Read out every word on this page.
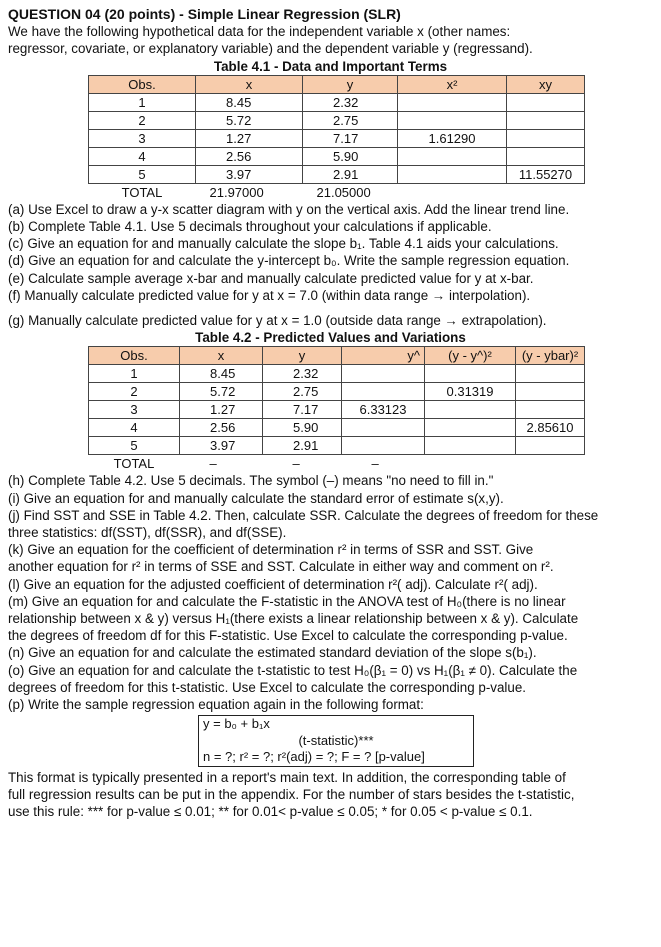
QUESTION 04 (20 points) - Simple Linear Regression (SLR)

We have the following hypothetical data for the independent variable x (other names:

regressor, covariate, or explanatory variable) and the dependent variable y (regressand).

Table 4.1 - Data and Important Terms
Obs.	x	y	x²	xy
1	8.45	2.32		
2	5.72	2.75		
3	1.27	7.17	1.61290	
4	2.56	5.90		
5	3.97	2.91		11.55270
TOTAL	21.97000	21.05000		

(a) Use Excel to draw a y-x scatter diagram with y on the vertical axis. Add the linear trend line.

(b) Complete Table 4.1. Use 5 decimals throughout your calculations if applicable.

(c) Give an equation for and manually calculate the slope b₁. Table 4.1 aids your calculations.

(d) Give an equation for and calculate the y-intercept b₀. Write the sample regression equation.

(e) Calculate sample average x-bar and manually calculate predicted value for y at x-bar.

(f) Manually calculate predicted value for y at x = 7.0 (within data range → interpolation).

(g) Manually calculate predicted value for y at x = 1.0 (outside data range → extrapolation).

Table 4.2 - Predicted Values and Variations
Obs.	x	y	y^	(y - y^)²	(y - ybar)²
1	8.45	2.32			
2	5.72	2.75		0.31319	
3	1.27	7.17	6.33123		
4	2.56	5.90			2.85610
5	3.97	2.91			
TOTAL	–	–	–		

(h) Complete Table 4.2. Use 5 decimals. The symbol (–) means "no need to fill in."

(i) Give an equation for and manually calculate the standard error of estimate s(x,y).

(j) Find SST and SSE in Table 4.2. Then, calculate SSR. Calculate the degrees of freedom for these

three statistics: df(SST), df(SSR), and df(SSE).

(k) Give an equation for the coefficient of determination r² in terms of SSR and SST. Give

another equation for r² in terms of SSE and SST. Calculate in either way and comment on r².

(l) Give an equation for the adjusted coefficient of determination r²( adj). Calculate r²( adj).

(m) Give an equation for and calculate the F-statistic in the ANOVA test of H₀(there is no linear

relationship between x & y) versus H₁(there exists a linear relationship between x & y). Calculate

the degrees of freedom df for this F-statistic. Use Excel to calculate the corresponding p-value.

(n) Give an equation for and calculate the estimated standard deviation of the slope s(b₁).

(o) Give an equation for and calculate the t-statistic to test H₀(β₁ = 0) vs H₁(β₁ ≠ 0). Calculate the

degrees of freedom for this t-statistic. Use Excel to calculate the corresponding p-value.

(p) Write the sample regression equation again in the following format:

y = b₀ + b₁x
(t-statistic)***
n = ?; r² = ?; r²(adj) = ?; F = ? [p-value]

This format is typically presented in a report's main text. In addition, the corresponding table of

full regression results can be put in the appendix. For the number of stars besides the t-statistic,

use this rule: *** for p-value ≤ 0.01; ** for 0.01< p-value ≤ 0.05; * for 0.05 < p-value ≤ 0.1.
